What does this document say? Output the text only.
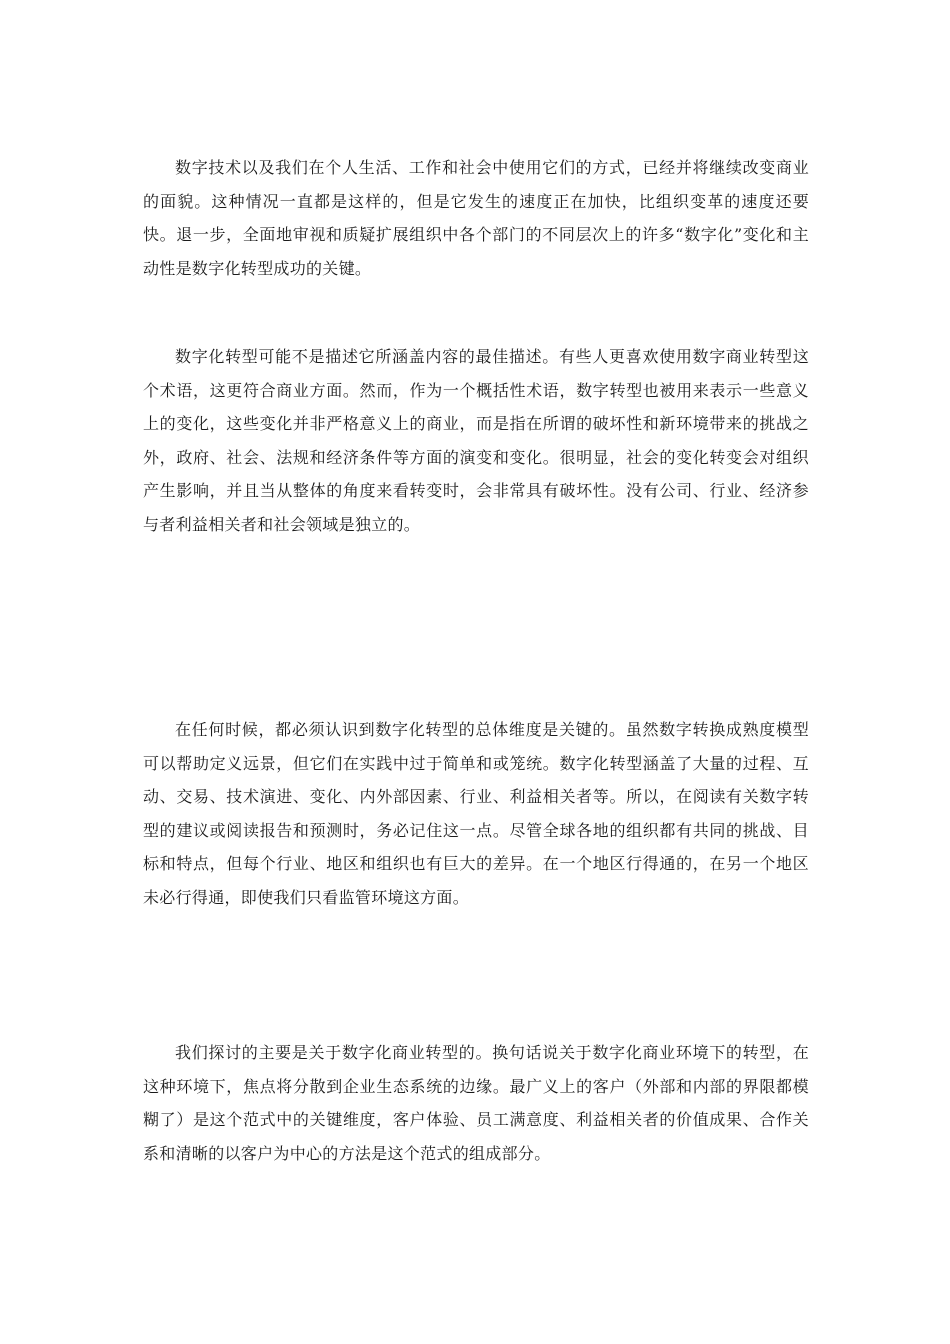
数字技术以及我们在个人生活、工作和社会中使用它们的方式，已经并将继续改变商业的面貌。这种情况一直都是这样的，但是它发生的速度正在加快，比组织变革的速度还要快。退一步，全面地审视和质疑扩展组织中各个部门的不同层次上的许多“数字化”变化和主动性是数字化转型成功的关键。

数字化转型可能不是描述它所涵盖内容的最佳描述。有些人更喜欢使用数字商业转型这个术语，这更符合商业方面。然而，作为一个概括性术语，数字转型也被用来表示一些意义上的变化，这些变化并非严格意义上的商业，而是指在所谓的破坏性和新环境带来的挑战之外，政府、社会、法规和经济条件等方面的演变和变化。很明显，社会的变化转变会对组织产生影响，并且当从整体的角度来看转变时，会非常具有破坏性。没有公司、行业、经济参与者利益相关者和社会领域是独立的。

在任何时候，都必须认识到数字化转型的总体维度是关键的。虽然数字转换成熟度模型可以帮助定义远景，但它们在实践中过于简单和或笼统。数字化转型涵盖了大量的过程、互动、交易、技术演进、变化、内外部因素、行业、利益相关者等。所以，在阅读有关数字转型的建议或阅读报告和预测时，务必记住这一点。尽管全球各地的组织都有共同的挑战、目标和特点，但每个行业、地区和组织也有巨大的差异。在一个地区行得通的，在另一个地区未必行得通，即使我们只看监管环境这方面。

我们探讨的主要是关于数字化商业转型的。换句话说关于数字化商业环境下的转型，在这种环境下，焦点将分散到企业生态系统的边缘。最广义上的客户（外部和内部的界限都模糊了）是这个范式中的关键维度，客户体验、员工满意度、利益相关者的价值成果、合作关系和清晰的以客户为中心的方法是这个范式的组成部分。
